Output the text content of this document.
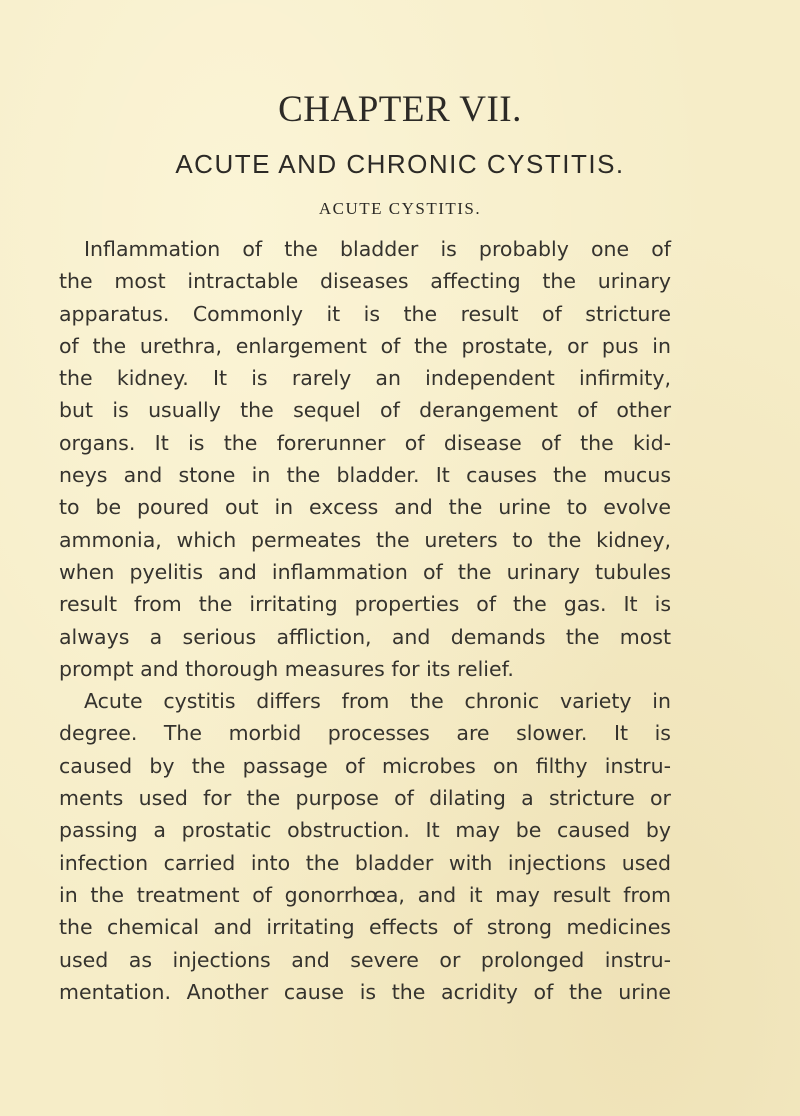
CHAPTER VII.
ACUTE AND CHRONIC CYSTITIS.
ACUTE CYSTITIS.
Inflammation of the bladder is probably one of
the most intractable diseases affecting the urinary
apparatus. Commonly it is the result of stricture
of the urethra, enlargement of the prostate, or pus in
the kidney. It is rarely an independent infirmity,
but is usually the sequel of derangement of other
organs. It is the forerunner of disease of the kid-
neys and stone in the bladder. It causes the mucus
to be poured out in excess and the urine to evolve
ammonia, which permeates the ureters to the kidney,
when pyelitis and inflammation of the urinary tubules
result from the irritating properties of the gas. It is
always a serious affliction, and demands the most
prompt and thorough measures for its relief.
Acute cystitis differs from the chronic variety in
degree. The morbid processes are slower. It is
caused by the passage of microbes on filthy instru-
ments used for the purpose of dilating a stricture or
passing a prostatic obstruction. It may be caused by
infection carried into the bladder with injections used
in the treatment of gonorrhœa, and it may result from
the chemical and irritating effects of strong medicines
used as injections and severe or prolonged instru-
mentation. Another cause is the acridity of the urine
